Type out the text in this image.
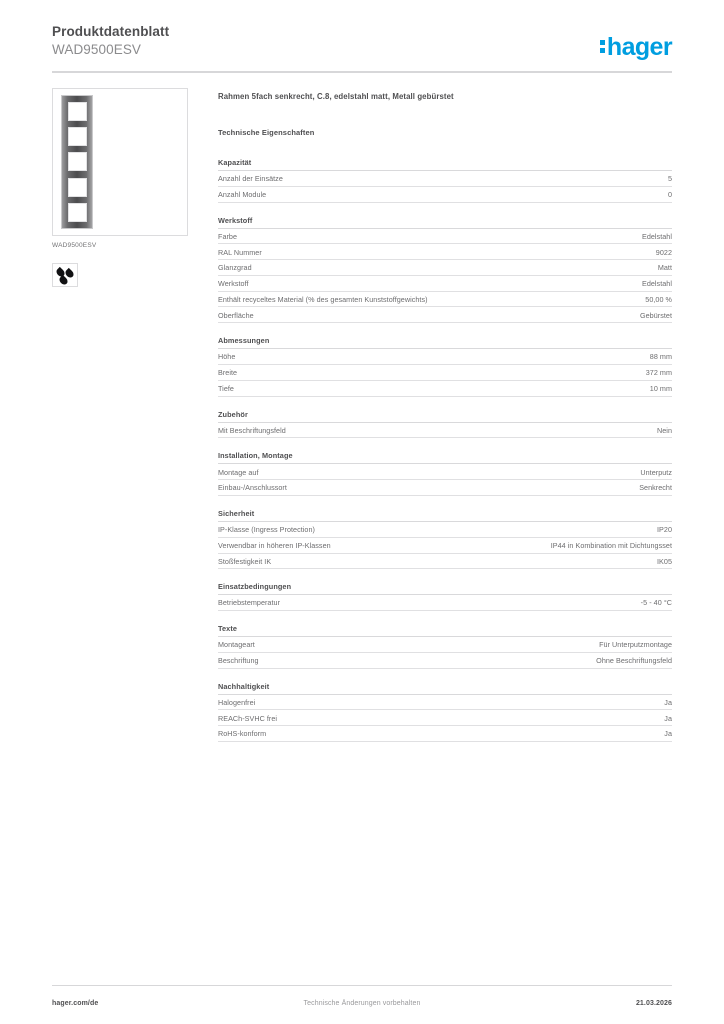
Produktdatenblatt
WAD9500ESV	hager
WAD9500ESV
Rahmen 5fach senkrecht, C.8, edelstahl matt, Metall gebürstet
Technische Eigenschaften
Kapazität
Anzahl der Einsätze	5
Anzahl Module	0
Werkstoff
Farbe	Edelstahl
RAL Nummer	9022
Glanzgrad	Matt
Werkstoff	Edelstahl
Enthält recyceltes Material (% des gesamten Kunststoffgewichts)	50,00 %
Oberfläche	Gebürstet
Abmessungen
Höhe	88 mm
Breite	372 mm
Tiefe	10 mm
Zubehör
Mit Beschriftungsfeld	Nein
Installation, Montage
Montage auf	Unterputz
Einbau-/Anschlussort	Senkrecht
Sicherheit
IP-Klasse (Ingress Protection)	IP20
Verwendbar in höheren IP-Klassen	IP44 in Kombination mit Dichtungsset
Stoßfestigkeit IK	IK05
Einsatzbedingungen
Betriebstemperatur	-5 - 40 °C
Texte
Montageart	Für Unterputzmontage
Beschriftung	Ohne Beschriftungsfeld
Nachhaltigkeit
Halogenfrei	Ja
REACh-SVHC frei	Ja
RoHS-konform	Ja
hager.com/de	Technische Änderungen vorbehalten	21.03.2026
